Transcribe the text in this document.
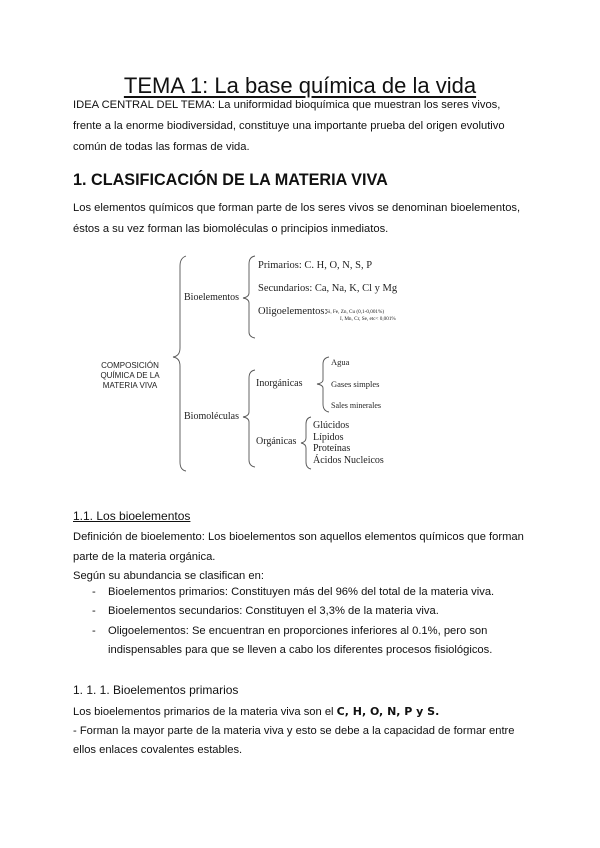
TEMA 1: La base química de la vida
IDEA CENTRAL DEL TEMA: La uniformidad bioquímica que muestran los seres vivos,
frente a la enorme biodiversidad, constituye una importante prueba del origen evolutivo
común de todas las formas de vida.
1. CLASIFICACIÓN DE LA MATERIA VIVA
Los elementos químicos que forman parte de los seres vivos se denominan bioelementos,
éstos a su vez forman las biomoléculas o principios inmediatos.
COMPOSICIÓN
QUÍMICA DE LA
MATERIA VIVA
Bioelementos
Primarios: C. H, O, N, S, P
Secundarios: Ca, Na, K, Cl y Mg
Oligoelementos:
Si, Fe, Zn, Cu (0,1-0,001%)
I, Mn, Cr, Se, etc< 0,001%
Biomoléculas
Inorgánicas
Agua
Gases simples
Sales minerales
Orgánicas
Glúcidos
Lípidos
Proteínas
Ácidos Nucleicos
1.1. Los bioelementos
Definición de bioelemento: Los bioelementos son aquellos elementos químicos que forman
parte de la materia orgánica.
Según su abundancia se clasifican en:
- Bioelementos primarios: Constituyen más del 96% del total de la materia viva.
- Bioelementos secundarios: Constituyen el 3,3% de la materia viva.
- Oligoelementos: Se encuentran en proporciones inferiores al 0.1%, pero son
indispensables para que se lleven a cabo los diferentes procesos fisiológicos.
1. 1. 1. Bioelementos primarios
Los bioelementos primarios de la materia viva son el C, H, O, N, P y S.
- Forman la mayor parte de la materia viva y esto se debe a la capacidad de formar entre
ellos enlaces covalentes estables.
